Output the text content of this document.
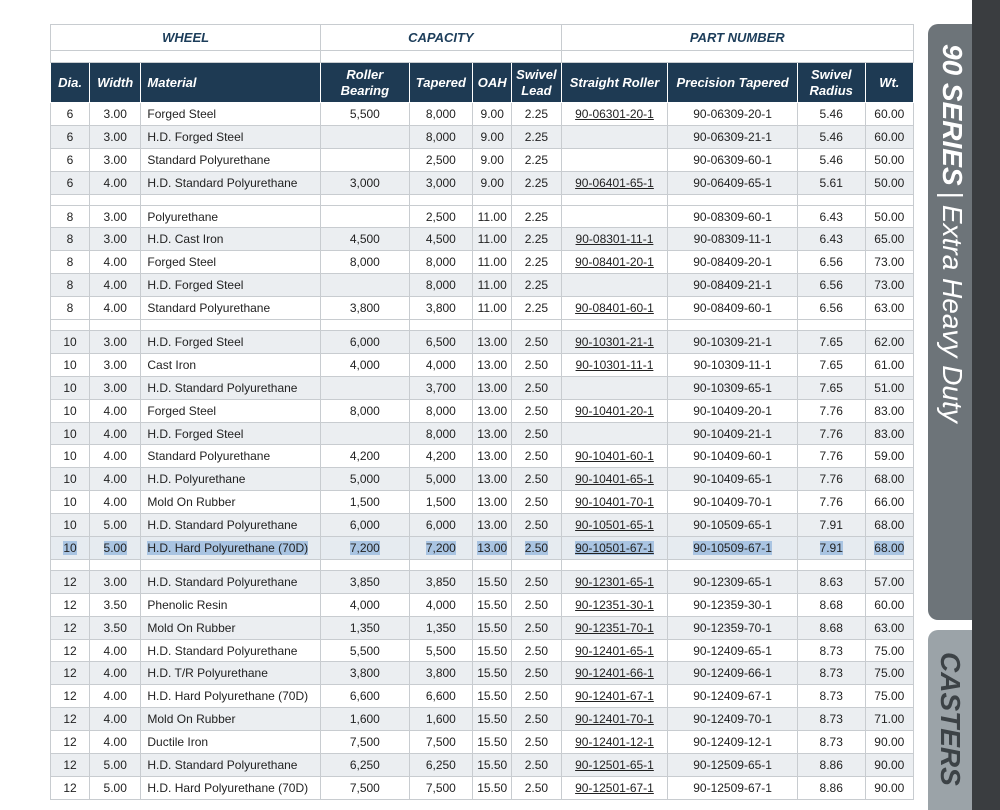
WHEEL			CAPACITY				PART NUMBER			

Dia.	Width	Material	Roller Bearing	Tapered	OAH	Swivel Lead	Straight Roller	Precision Tapered	Swivel Radius	Wt.
6	3.00	Forged Steel	5,500	8,000	9.00	2.25	90-06301-20-1	90-06309-20-1	5.46	60.00
6	3.00	H.D. Forged Steel		8,000	9.00	2.25		90-06309-21-1	5.46	60.00
6	3.00	Standard Polyurethane		2,500	9.00	2.25		90-06309-60-1	5.46	50.00
6	4.00	H.D. Standard Polyurethane	3,000	3,000	9.00	2.25	90-06401-65-1	90-06409-65-1	5.61	50.00

8	3.00	Polyurethane		2,500	11.00	2.25		90-08309-60-1	6.43	50.00
8	3.00	H.D. Cast Iron	4,500	4,500	11.00	2.25	90-08301-11-1	90-08309-11-1	6.43	65.00
8	4.00	Forged Steel	8,000	8,000	11.00	2.25	90-08401-20-1	90-08409-20-1	6.56	73.00
8	4.00	H.D. Forged Steel		8,000	11.00	2.25		90-08409-21-1	6.56	73.00
8	4.00	Standard Polyurethane	3,800	3,800	11.00	2.25	90-08401-60-1	90-08409-60-1	6.56	63.00

10	3.00	H.D. Forged Steel	6,000	6,500	13.00	2.50	90-10301-21-1	90-10309-21-1	7.65	62.00
10	3.00	Cast Iron	4,000	4,000	13.00	2.50	90-10301-11-1	90-10309-11-1	7.65	61.00
10	3.00	H.D. Standard Polyurethane		3,700	13.00	2.50		90-10309-65-1	7.65	51.00
10	4.00	Forged Steel	8,000	8,000	13.00	2.50	90-10401-20-1	90-10409-20-1	7.76	83.00
10	4.00	H.D. Forged Steel		8,000	13.00	2.50		90-10409-21-1	7.76	83.00
10	4.00	Standard Polyurethane	4,200	4,200	13.00	2.50	90-10401-60-1	90-10409-60-1	7.76	59.00
10	4.00	H.D. Polyurethane	5,000	5,000	13.00	2.50	90-10401-65-1	90-10409-65-1	7.76	68.00
10	4.00	Mold On Rubber	1,500	1,500	13.00	2.50	90-10401-70-1	90-10409-70-1	7.76	66.00
10	5.00	H.D. Standard Polyurethane	6,000	6,000	13.00	2.50	90-10501-65-1	90-10509-65-1	7.91	68.00
10	5.00	H.D. Hard Polyurethane (70D)	7,200	7,200	13.00	2.50	90-10501-67-1	90-10509-67-1	7.91	68.00

12	3.00	H.D. Standard Polyurethane	3,850	3,850	15.50	2.50	90-12301-65-1	90-12309-65-1	8.63	57.00
12	3.50	Phenolic Resin	4,000	4,000	15.50	2.50	90-12351-30-1	90-12359-30-1	8.68	60.00
12	3.50	Mold On Rubber	1,350	1,350	15.50	2.50	90-12351-70-1	90-12359-70-1	8.68	63.00
12	4.00	H.D. Standard Polyurethane	5,500	5,500	15.50	2.50	90-12401-65-1	90-12409-65-1	8.73	75.00
12	4.00	H.D. T/R Polyurethane	3,800	3,800	15.50	2.50	90-12401-66-1	90-12409-66-1	8.73	75.00
12	4.00	H.D. Hard Polyurethane (70D)	6,600	6,600	15.50	2.50	90-12401-67-1	90-12409-67-1	8.73	75.00
12	4.00	Mold On Rubber	1,600	1,600	15.50	2.50	90-12401-70-1	90-12409-70-1	8.73	71.00
12	4.00	Ductile Iron	7,500	7,500	15.50	2.50	90-12401-12-1	90-12409-12-1	8.73	90.00
12	5.00	H.D. Standard Polyurethane	6,250	6,250	15.50	2.50	90-12501-65-1	90-12509-65-1	8.86	90.00
12	5.00	H.D. Hard Polyurethane (70D)	7,500	7,500	15.50	2.50	90-12501-67-1	90-12509-67-1	8.86	90.00
90 SERIES|Extra Heavy Duty
CASTERS
